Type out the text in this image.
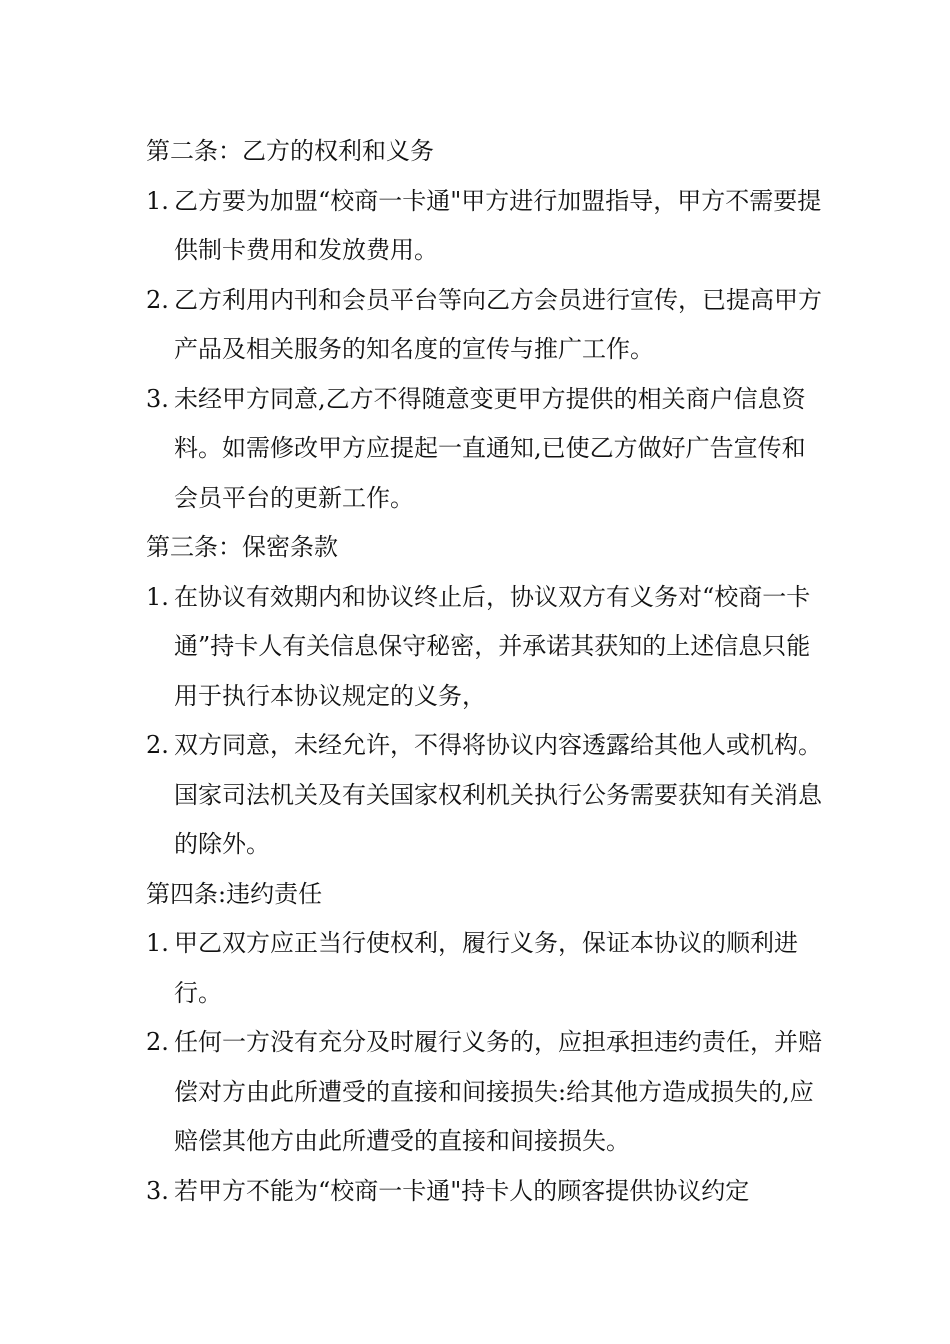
第二条：乙方的权利和义务
1. 乙方要为加盟“校商一卡通"甲方进行加盟指导，甲方不需要提供制卡费用和发放费用。
2. 乙方利用内刊和会员平台等向乙方会员进行宣传，已提高甲方产品及相关服务的知名度的宣传与推广工作。
3. 未经甲方同意,乙方不得随意变更甲方提供的相关商户信息资料。如需修改甲方应提起一直通知,已使乙方做好广告宣传和会员平台的更新工作。
第三条：保密条款
1. 在协议有效期内和协议终止后，协议双方有义务对“校商一卡通”持卡人有关信息保守秘密，并承诺其获知的上述信息只能用于执行本协议规定的义务，
2. 双方同意，未经允许，不得将协议内容透露给其他人或机构。国家司法机关及有关国家权利机关执行公务需要获知有关消息的除外。
第四条:违约责任
1. 甲乙双方应正当行使权利，履行义务，保证本协议的顺利进行。
2. 任何一方没有充分及时履行义务的，应担承担违约责任，并赔偿对方由此所遭受的直接和间接损失:给其他方造成损失的,应赔偿其他方由此所遭受的直接和间接损失。
3. 若甲方不能为“校商一卡通"持卡人的顾客提供协议约定
